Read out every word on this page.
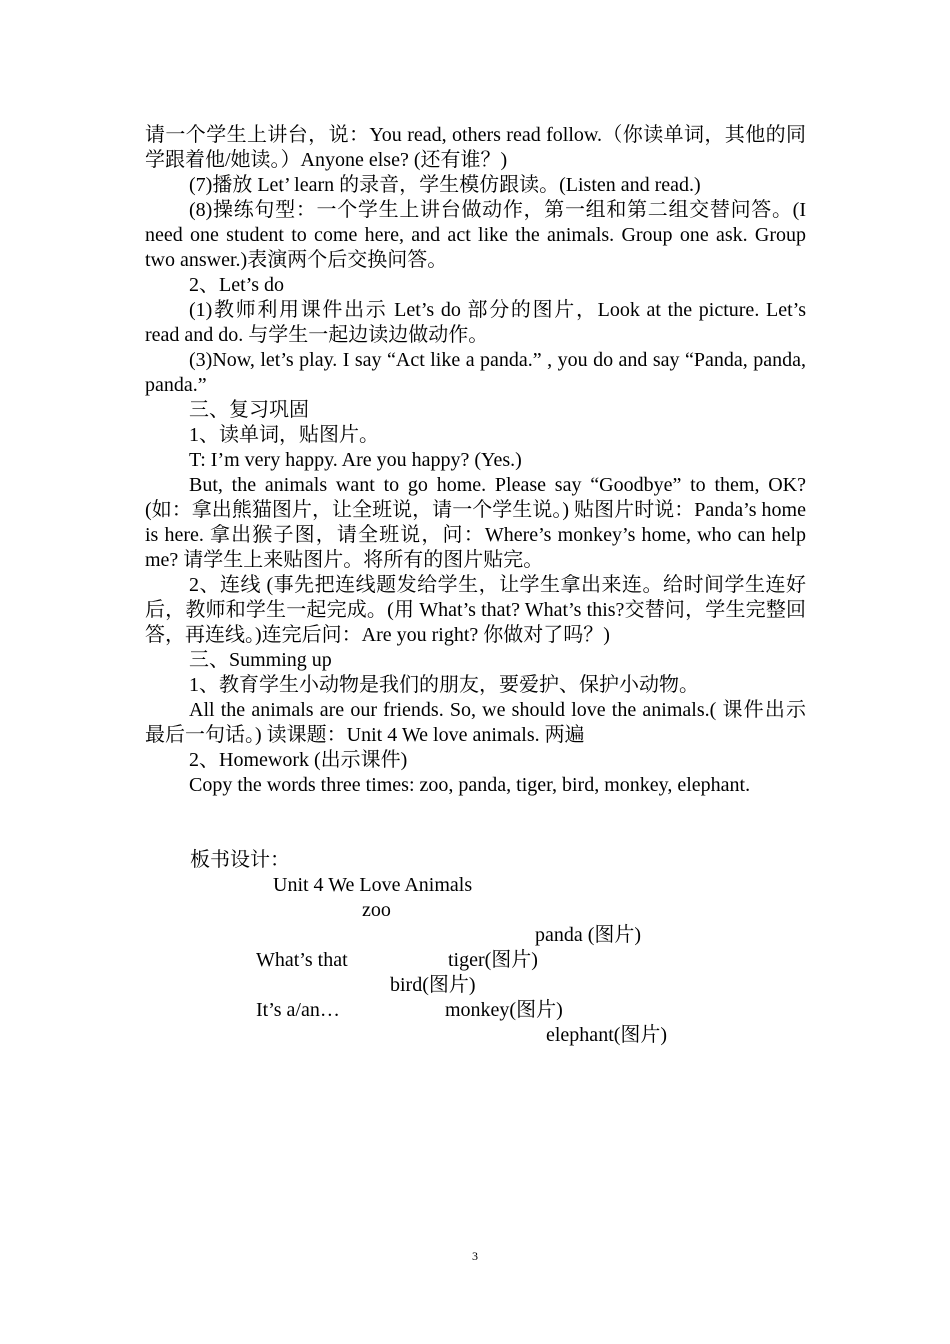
请一个学生上讲台，说：You read, others read follow.（你读单词，其他的同学跟着他/她读。）Anyone else? (还有谁？)

(7)播放 Let’ learn 的录音，学生模仿跟读。(Listen and read.)

(8)操练句型：一个学生上讲台做动作，第一组和第二组交替问答。(I need one student to come here, and act like the animals. Group one ask. Group two answer.)表演两个后交换问答。

2、Let’s do

(1)教师利用课件出示 Let’s do 部分的图片，Look at the picture. Let’s read and do. 与学生一起边读边做动作。

(3)Now, let’s play. I say “Act like a panda.” , you do and say “Panda, panda, panda.”

三、复习巩固

1、读单词，贴图片。

T: I’m very happy. Are you happy? (Yes.)

But, the animals want to go home. Please say “Goodbye” to them, OK? (如：拿出熊猫图片，让全班说，请一个学生说。) 贴图片时说：Panda’s home is here. 拿出猴子图，请全班说，问：Where’s monkey’s home, who can help me? 请学生上来贴图片。将所有的图片贴完。

2、连线 (事先把连线题发给学生，让学生拿出来连。给时间学生连好后，教师和学生一起完成。(用 What’s that? What’s this?交替问，学生完整回答，再连线。)连完后问：Are you right? 你做对了吗？)

三、Summing up

1、教育学生小动物是我们的朋友，要爱护、保护小动物。

All the animals are our friends. So, we should love the animals.( 课件出示最后一句话。) 读课题：Unit 4 We love animals. 两遍

2、Homework (出示课件)

Copy the words three times: zoo, panda, tiger, bird, monkey, elephant.

板书设计：
Unit 4 We Love Animals
zoo
panda (图片)
What’s that	tiger(图片)
bird(图片)
It’s a/an…	monkey(图片)
elephant(图片)
3
